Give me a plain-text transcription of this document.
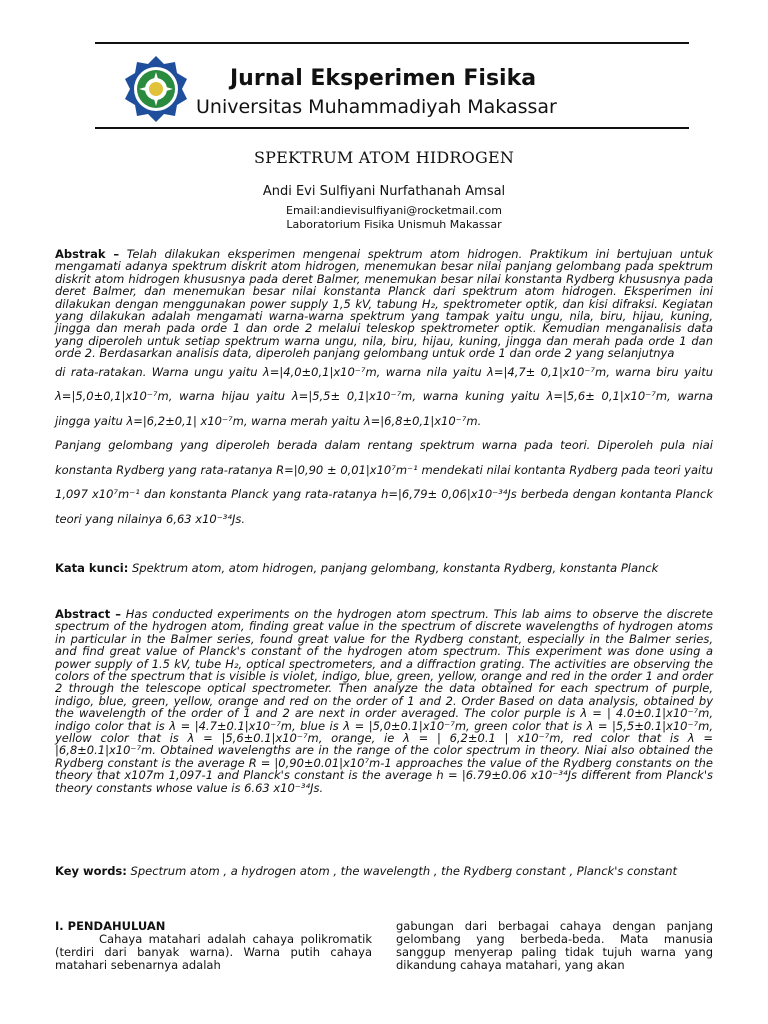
Jurnal Eksperimen Fisika
Universitas Muhammadiyah Makassar
SPEKTRUM ATOM HIDROGEN
Andi Evi Sulfiyani Nurfathanah Amsal
Email:andievisulfiyani@rocketmail.com
Laboratorium Fisika Unismuh Makassar
Abstrak – Telah dilakukan eksperimen mengenai spektrum atom hidrogen. Praktikum ini bertujuan untuk mengamati adanya spektrum diskrit atom hidrogen, menemukan besar nilai panjang gelombang pada spektrum diskrit atom hidrogen khususnya pada deret Balmer, menemukan besar nilai konstanta Rydberg khususnya pada deret Balmer, dan menemukan besar nilai konstanta Planck dari spektrum atom hidrogen. Eksperimen ini dilakukan dengan menggunakan power supply 1,5 kV, tabung H₂, spektrometer optik, dan kisi difraksi. Kegiatan yang dilakukan adalah mengamati warna-warna spektrum yang tampak yaitu ungu, nila, biru, hijau, kuning, jingga dan merah pada orde 1 dan orde 2 melalui teleskop spektrometer optik. Kemudian menganalisis data yang diperoleh untuk setiap spektrum warna ungu, nila, biru, hijau, kuning, jingga dan merah pada orde 1 dan orde 2. Berdasarkan analisis data, diperoleh panjang gelombang untuk orde 1 dan orde 2 yang selanjutnya
di rata-ratakan. Warna ungu yaitu λ=|4,0±0,1|x10⁻⁷m, warna nila yaitu λ=|4,7± 0,1|x10⁻⁷m, warna biru yaitu λ=|5,0±0,1|x10⁻⁷m, warna hijau yaitu λ=|5,5± 0,1|x10⁻⁷m, warna kuning yaitu λ=|5,6± 0,1|x10⁻⁷m, warna jingga yaitu λ=|6,2±0,1| x10⁻⁷m, warna merah yaitu λ=|6,8±0,1|x10⁻⁷m.
Panjang gelombang yang diperoleh berada dalam rentang spektrum warna pada teori. Diperoleh pula niai konstanta Rydberg yang rata-ratanya R=|0,90 ± 0,01|x10⁷m⁻¹ mendekati nilai kontanta Rydberg pada teori yaitu 1,097 x10⁷m⁻¹ dan konstanta Planck yang rata-ratanya h=|6,79± 0,06|x10⁻³⁴Js berbeda dengan kontanta Planck teori yang nilainya 6,63 x10⁻³⁴Js.
Kata kunci: Spektrum atom, atom hidrogen, panjang gelombang, konstanta Rydberg, konstanta Planck
Abstract – Has conducted experiments on the hydrogen atom spectrum. This lab aims to observe the discrete spectrum of the hydrogen atom, finding great value in the spectrum of discrete wavelengths of hydrogen atoms in particular in the Balmer series, found great value for the Rydberg constant, especially in the Balmer series, and find great value of Planck's constant of the hydrogen atom spectrum. This experiment was done using a power supply of 1.5 kV, tube H₂, optical spectrometers, and a diffraction grating. The activities are observing the colors of the spectrum that is visible is violet, indigo, blue, green, yellow, orange and red in the order 1 and order 2 through the telescope optical spectrometer. Then analyze the data obtained for each spectrum of purple, indigo, blue, green, yellow, orange and red on the order of 1 and 2. Order Based on data analysis, obtained by the wavelength of the order of 1 and 2 are next in order averaged. The color purple is λ = | 4.0±0.1|x10⁻⁷m, indigo color that is λ = |4.7±0.1|x10⁻⁷m, blue is λ = |5,0±0.1|x10⁻⁷m, green color that is λ = |5,5±0.1|x10⁻⁷m, yellow color that is λ = |5,6±0.1|x10⁻⁷m, orange, ie λ = | 6,2±0.1 | x10⁻⁷m, red color that is λ = |6,8±0.1|x10⁻⁷m. Obtained wavelengths are in the range of the color spectrum in theory. Niai also obtained the Rydberg constant is the average R = |0,90±0.01|x10⁷m-1 approaches the value of the Rydberg constants on the theory that x107m 1,097-1 and Planck's constant is the average h = |6.79±0.06 x10⁻³⁴Js different from Planck's theory constants whose value is 6.63 x10⁻³⁴Js.
Key words: Spectrum atom , a hydrogen atom , the wavelength , the Rydberg constant , Planck's constant
I. PENDAHULUAN
Cahaya matahari adalah cahaya polikromatik (terdiri dari banyak warna). Warna putih cahaya matahari sebenarnya adalah
gabungan dari berbagai cahaya dengan panjang gelombang yang berbeda-beda. Mata manusia sanggup menyerap paling tidak tujuh warna yang dikandung cahaya matahari, yang akan
